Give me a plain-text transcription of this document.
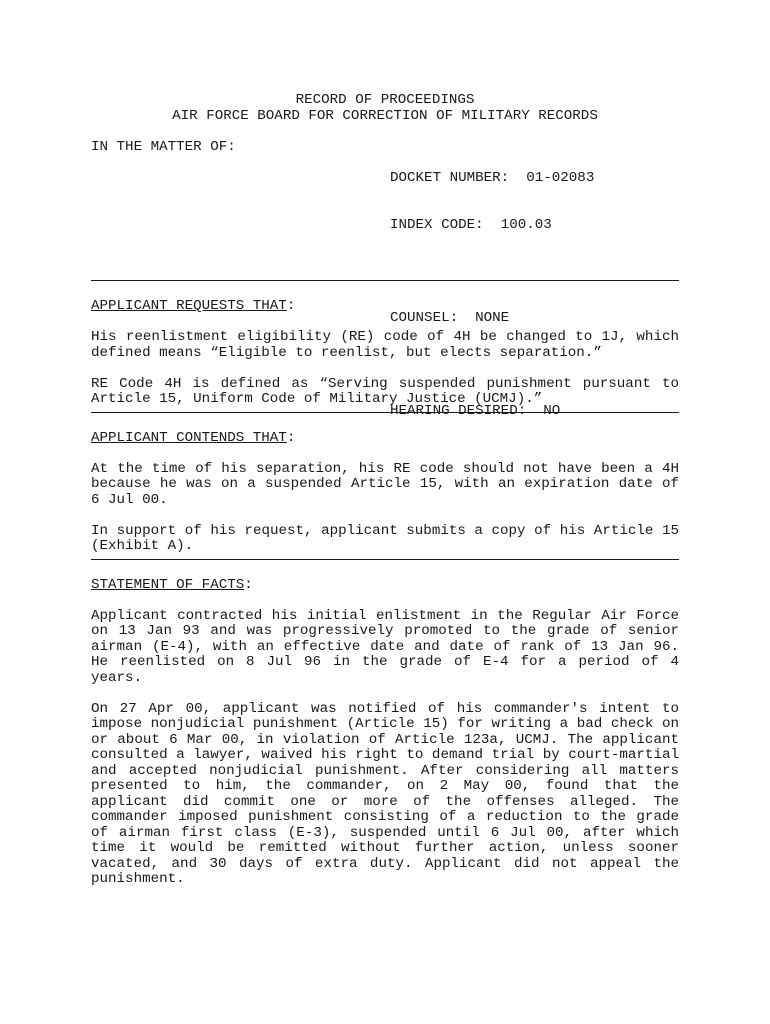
RECORD OF PROCEEDINGS
AIR FORCE BOARD FOR CORRECTION OF MILITARY RECORDS
IN THE MATTER OF:

DOCKET NUMBER:  01-02083

INDEX CODE:  100.03

COUNSEL:  NONE

HEARING DESIRED:  NO

APPLICANT REQUESTS THAT:

His reenlistment eligibility (RE) code of 4H be changed to 1J, which defined means “Eligible to reenlist, but elects separation.”

RE Code 4H is defined as “Serving suspended punishment pursuant to Article 15, Uniform Code of Military Justice (UCMJ).”

APPLICANT CONTENDS THAT:

At the time of his separation, his RE code should not have been a 4H because he was on a suspended Article 15, with an expiration date of 6 Jul 00.

In support of his request, applicant submits a copy of his Article 15 (Exhibit A).

STATEMENT OF FACTS:

Applicant contracted his initial enlistment in the Regular Air Force on 13 Jan 93 and was progressively promoted to the grade of senior airman (E-4), with an effective date and date of rank of 13 Jan 96. He reenlisted on 8 Jul 96 in the grade of E-4 for a period of 4 years.

On 27 Apr 00, applicant was notified of his commander's intent to impose nonjudicial punishment (Article 15) for writing a bad check on or about 6 Mar 00, in violation of Article 123a, UCMJ. The applicant consulted a lawyer, waived his right to demand trial by court-martial and accepted nonjudicial punishment. After considering all matters presented to him, the commander, on 2 May 00, found that the applicant did commit one or more of the offenses alleged. The commander imposed punishment consisting of a reduction to the grade of airman first class (E-3), suspended until 6 Jul 00, after which time it would be remitted without further action, unless sooner vacated, and 30 days of extra duty. Applicant did not appeal the punishment.
